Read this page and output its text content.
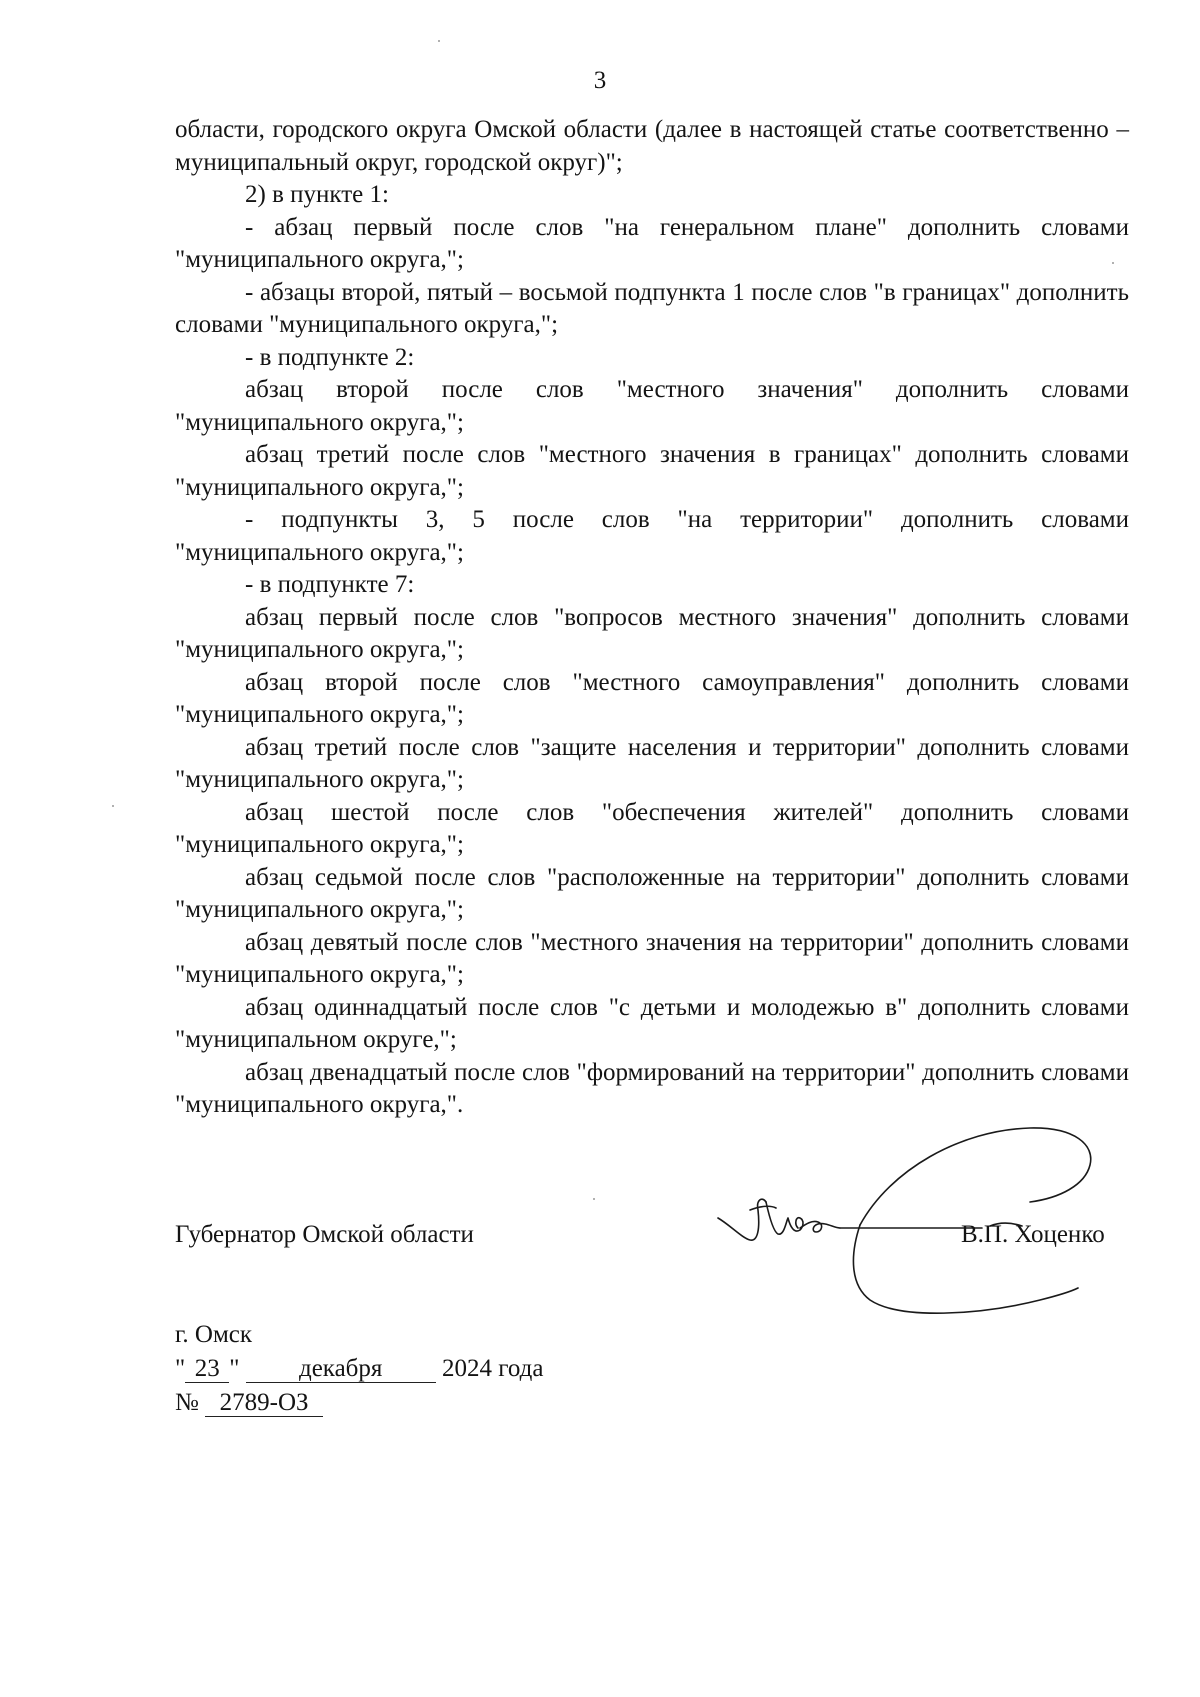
3

области, городского округа Омской области (далее в настоящей статье соответственно – муниципальный округ, городской округ)";

2) в пункте 1:

- абзац первый после слов "на генеральном плане" дополнить словами "муниципального округа,";

- абзацы второй, пятый – восьмой подпункта 1 после слов "в границах" дополнить словами "муниципального округа,";

- в подпункте 2:

абзац второй после слов "местного значения" дополнить словами "муниципального округа,";

абзац третий после слов "местного значения в границах" дополнить словами "муниципального округа,";

- подпункты 3, 5 после слов "на территории" дополнить словами "муниципального округа,";

- в подпункте 7:

абзац первый после слов "вопросов местного значения" дополнить словами "муниципального округа,";

абзац второй после слов "местного самоуправления" дополнить словами "муниципального округа,";

абзац третий после слов "защите населения и территории" дополнить словами "муниципального округа,";

абзац шестой после слов "обеспечения жителей" дополнить словами "муниципального округа,";

абзац седьмой после слов "расположенные на территории" дополнить словами "муниципального округа,";

абзац девятый после слов "местного значения на территории" дополнить словами "муниципального округа,";

абзац одиннадцатый после слов "с детьми и молодежью в" дополнить словами "муниципальном округе,";

абзац двенадцатый после слов "формирований на территории" дополнить словами "муниципального округа,".

Губернатор Омской области	В.П. Хоценко
г. Омск
" 23 " декабря 2024 года
№ 2789-ОЗ
